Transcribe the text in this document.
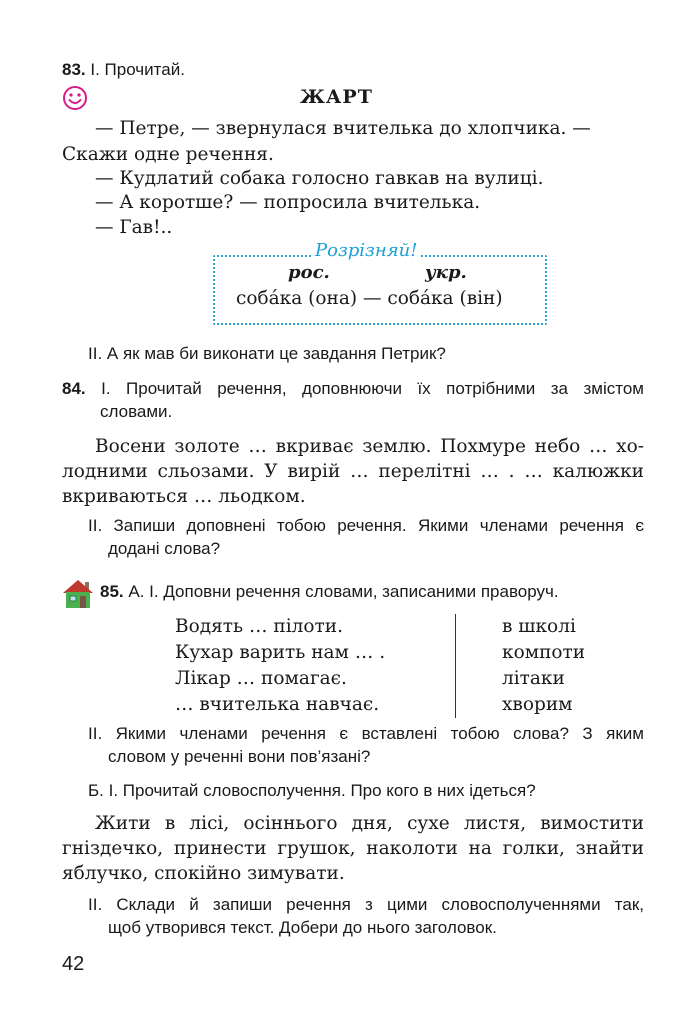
83. І. Прочитай.
ЖАРТ
— Петре, — звернулася вчителька до хлопчика. —
Скажи одне речення.
— Кудлатий собака голосно гавкав на вулиці.
— А коротше? — попросила вчителька.
— Гав!..
Розрізняй!
рос.	укр.
соба́ка (она) — соба́ка (він)
ІІ. А як мав би виконати це завдання Петрик?
84. І. Прочитай речення, доповнюючи їх потрібними за змістом
словами.
Восени золоте … вкриває землю. Похмуре небо … хо-
лодними сльозами. У вирій … перелітні … . … калюжки
вкриваються … льодком.
ІІ. Запиши доповнені тобою речення. Якими членами речення є
додані слова?
85. А. І. Доповни речення словами, записаними праворуч.
Водять … пілоти.
Кухар варить нам … .
Лікар … помагає.
… вчителька навчає.
в школі
компоти
літаки
хворим
ІІ. Якими членами речення є вставлені тобою слова? З яким
словом у реченні вони пов’язані?
Б. І. Прочитай словосполучення. Про кого в них ідеться?
Жити в лісі, осіннього дня, сухе листя, вимостити
гніздечко, принести грушок, наколоти на голки, знайти
яблучко, спокійно зимувати.
ІІ. Склади й запиши речення з цими словосполученнями так,
щоб утворився текст. Добери до нього заголовок.
42
